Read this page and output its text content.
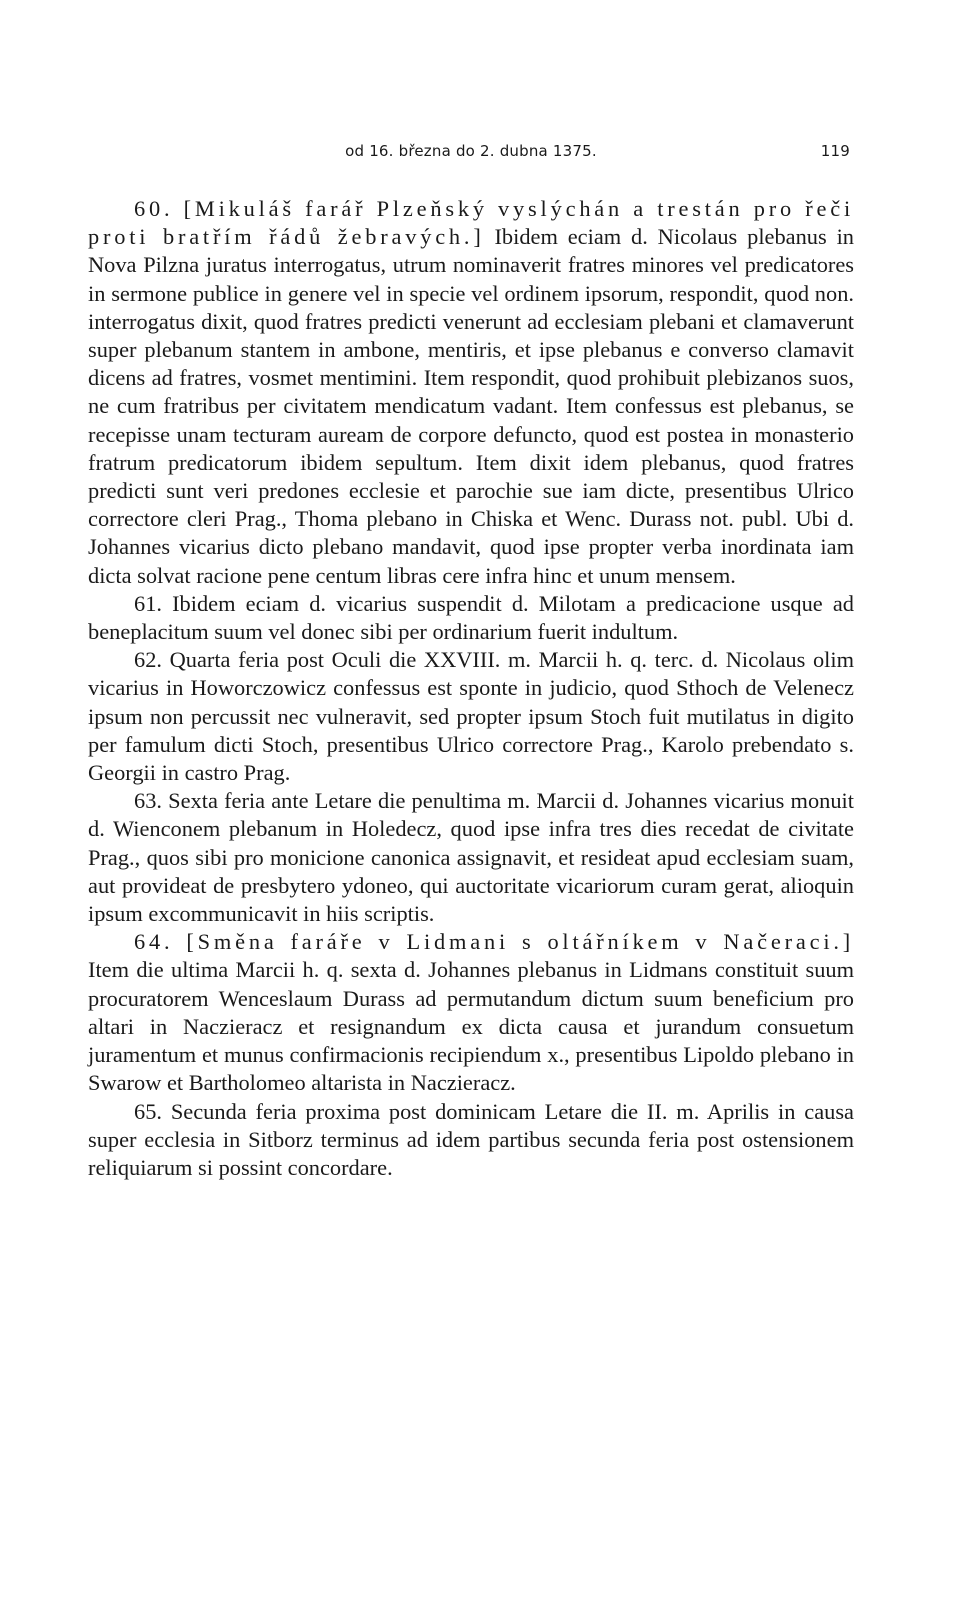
od 16. března do 2. dubna 1375.	119

60. [Mikuláš farář Plzeňský vyslýchán a trestán pro řeči proti bratřím řádů žebravých.] Ibidem eciam d. Nicolaus plebanus in Nova Pilzna juratus interrogatus, utrum nominaverit fratres minores vel predicatores in sermone publice in genere vel in specie vel ordinem ipsorum, respondit, quod non. interrogatus dixit, quod fratres predicti venerunt ad ecclesiam plebani et clamaverunt super plebanum stantem in ambone, mentiris, et ipse plebanus e converso clamavit dicens ad fratres, vosmet mentimini. Item respondit, quod prohibuit plebizanos suos, ne cum fratribus per civitatem mendicatum vadant. Item confessus est plebanus, se recepisse unam tecturam auream de corpore defuncto, quod est postea in monasterio fratrum predicatorum ibidem sepultum. Item dixit idem plebanus, quod fratres predicti sunt veri predones ecclesie et parochie sue iam dicte, presentibus Ulrico correctore cleri Prag., Thoma plebano in Chiska et Wenc. Durass not. publ. Ubi d. Johannes vicarius dicto plebano mandavit, quod ipse propter verba inordinata iam dicta solvat racione pene centum libras cere infra hinc et unum mensem.

61. Ibidem eciam d. vicarius suspendit d. Milotam a predicacione usque ad beneplacitum suum vel donec sibi per ordinarium fuerit indultum.

62. Quarta feria post Oculi die XXVIII. m. Marcii h. q. terc. d. Nicolaus olim vicarius in Howorczowicz confessus est sponte in judicio, quod Sthoch de Velenecz ipsum non percussit nec vulneravit, sed propter ipsum Stoch fuit mutilatus in digito per famulum dicti Stoch, presentibus Ulrico correctore Prag., Karolo prebendato s. Georgii in castro Prag.

63. Sexta feria ante Letare die penultima m. Marcii d. Johannes vicarius monuit d. Wienconem plebanum in Holedecz, quod ipse infra tres dies recedat de civitate Prag., quos sibi pro monicione canonica assignavit, et resideat apud ecclesiam suam, aut provideat de presbytero ydoneo, qui auctoritate vicariorum curam gerat, alioquin ipsum excommunicavit in hiis scriptis.

64. [Směna faráře v Lidmani s oltářníkem v Načeraci.] Item die ultima Marcii h. q. sexta d. Johannes plebanus in Lidmans constituit suum procuratorem Wenceslaum Durass ad permutandum dictum suum beneficium pro altari in Naczieracz et resignandum ex dicta causa et jurandum consuetum juramentum et munus confirmacionis recipiendum x., presentibus Lipoldo plebano in Swarow et Bartholomeo altarista in Naczieracz.

65. Secunda feria proxima post dominicam Letare die II. m. Aprilis in causa super ecclesia in Sitborz terminus ad idem partibus secunda feria post ostensionem reliquiarum si possint concordare.
